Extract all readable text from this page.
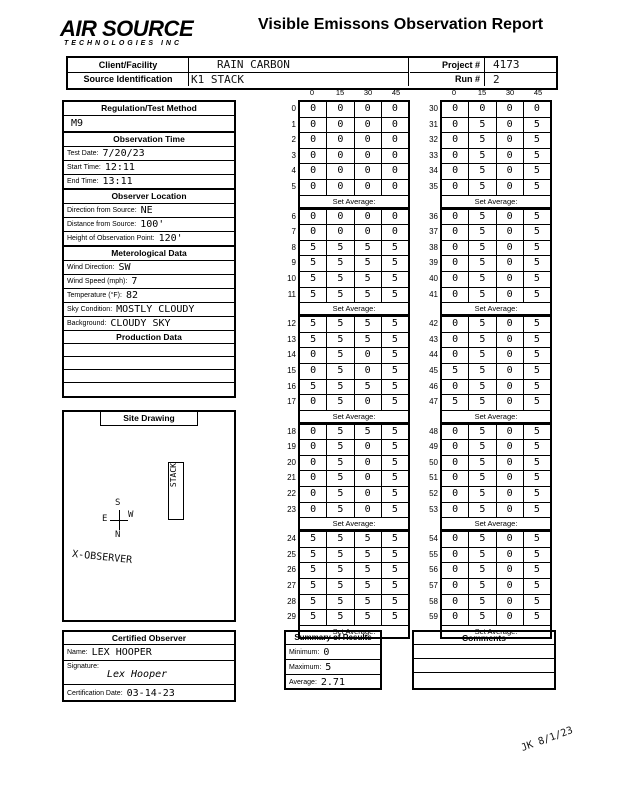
AIR SOURCE
TECHNOLOGIES INC
Visible Emissons Observation Report
Client/Facility	RAIN CARBON
Source Identification	K1 STACK
Project #	4173
Run #	2
Regulation/Test Method
M9
Observation Time
Test Date: 7/20/23
Start Time: 12:11
End Time: 13:11
Observer Location
Direction from Source: NE
Distance from Source: 100'
Height of Observation Point: 120'
Meterological Data
Wind Direction: SW
Wind Speed (mph): 7
Temperature (°F): 82
Sky Condition: MOSTLY CLOUDY
Background: CLOUDY SKY
Production Data
Site Drawing
STACK
S
E W
N
X-OBSERVER
0	15	30	45
0	0	0	0	0
1	0	0	0	0
2	0	0	0	0
3	0	0	0	0
4	0	0	0	0
5	0	0	0	0
Set Average:
6	0	0	0	0
7	0	0	0	0
8	5	5	5	5
9	5	5	5	5
10	5	5	5	5
11	5	5	5	5
Set Average:
12	5	5	5	5
13	5	5	5	5
14	0	5	0	5
15	0	5	0	5
16	5	5	5	5
17	0	5	0	5
Set Average:
18	0	5	5	5
19	0	5	0	5
20	0	5	0	5
21	0	5	0	5
22	0	5	0	5
23	0	5	0	5
Set Average:
24	5	5	5	5
25	5	5	5	5
26	5	5	5	5
27	5	5	5	5
28	5	5	5	5
29	5	5	5	5
Set Average:
0	15	30	45
30	0	0	0	0
31	0	5	0	5
32	0	5	0	5
33	0	5	0	5
34	0	5	0	5
35	0	5	0	5
Set Average:
36	0	5	0	5
37	0	5	0	5
38	0	5	0	5
39	0	5	0	5
40	0	5	0	5
41	0	5	0	5
Set Average:
42	0	5	0	5
43	0	5	0	5
44	0	5	0	5
45	5	5	0	5
46	0	5	0	5
47	5	5	0	5
Set Average:
48	0	5	0	5
49	0	5	0	5
50	0	5	0	5
51	0	5	0	5
52	0	5	0	5
53	0	5	0	5
Set Average:
54	0	5	0	5
55	0	5	0	5
56	0	5	0	5
57	0	5	0	5
58	0	5	0	5
59	0	5	0	5
Set Average:
Certified Observer
Name: LEX HOOPER
Signature:
Lex Hooper
Certification Date: 03-14-23
Summary of Results
Minimum: 0
Maximum: 5
Average: 2.71
Comments
JK 8/1/23
